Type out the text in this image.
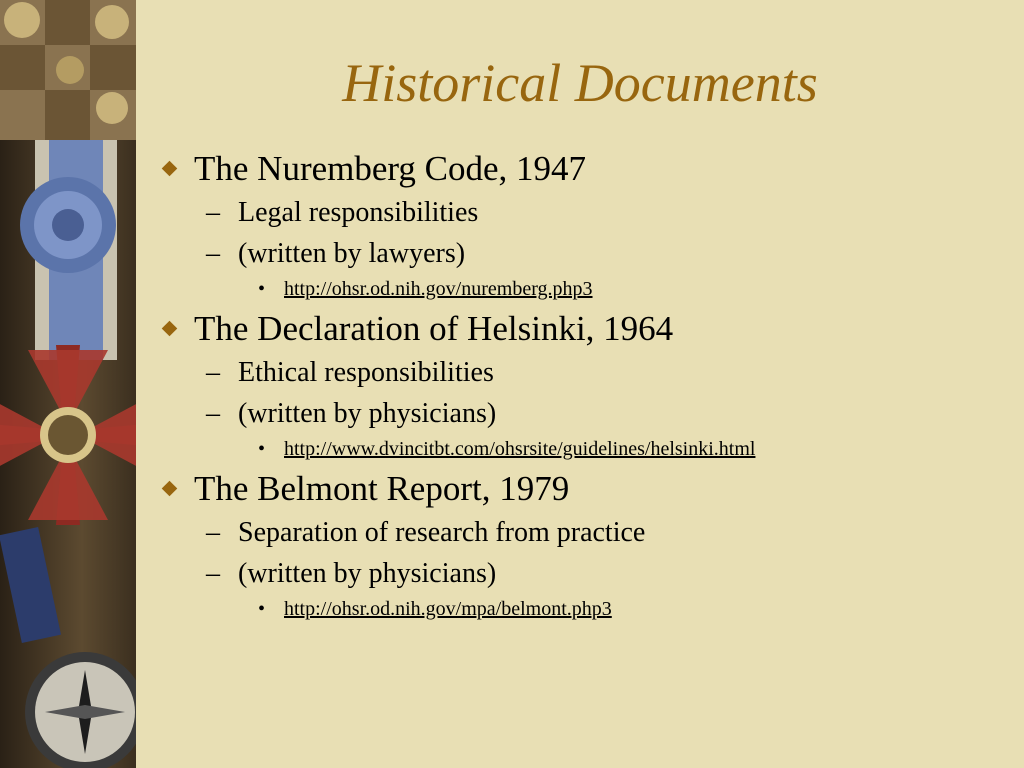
Historical Documents
The Nuremberg Code, 1947
– Legal responsibilities
– (written by lawyers)
• http://ohsr.od.nih.gov/nuremberg.php3
The Declaration of Helsinki, 1964
– Ethical responsibilities
– (written by physicians)
• http://www.dvincitbt.com/ohsrsite/guidelines/helsinki.html
The Belmont Report, 1979
– Separation of research from practice
– (written by physicians)
• http://ohsr.od.nih.gov/mpa/belmont.php3
